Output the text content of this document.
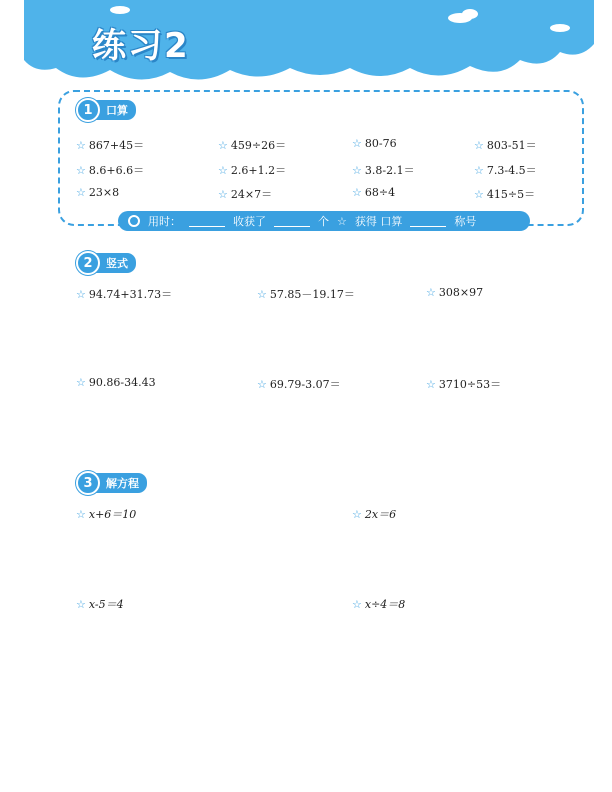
练习2
1	口算
☆ 867+45＝	☆ 459÷26＝	☆ 80-76	☆ 803-51＝
☆ 8.6+6.6＝	☆ 2.6+1.2＝	☆ 3.8-2.1＝	☆ 7.3-4.5＝
☆ 23×8	☆ 24×7＝	☆ 68÷4	☆ 415÷5＝
用时：	收获了	个 ☆ 获得 口算	称号
2	竖式
☆ 94.74+31.73＝	☆ 57.85－19.17＝	☆ 308×97
☆ 90.86-34.43	☆ 69.79-3.07＝	☆ 3710÷53＝
3	解方程
☆ x+6＝10	☆ 2x＝6
☆ x-5＝4	☆ x÷4＝8
